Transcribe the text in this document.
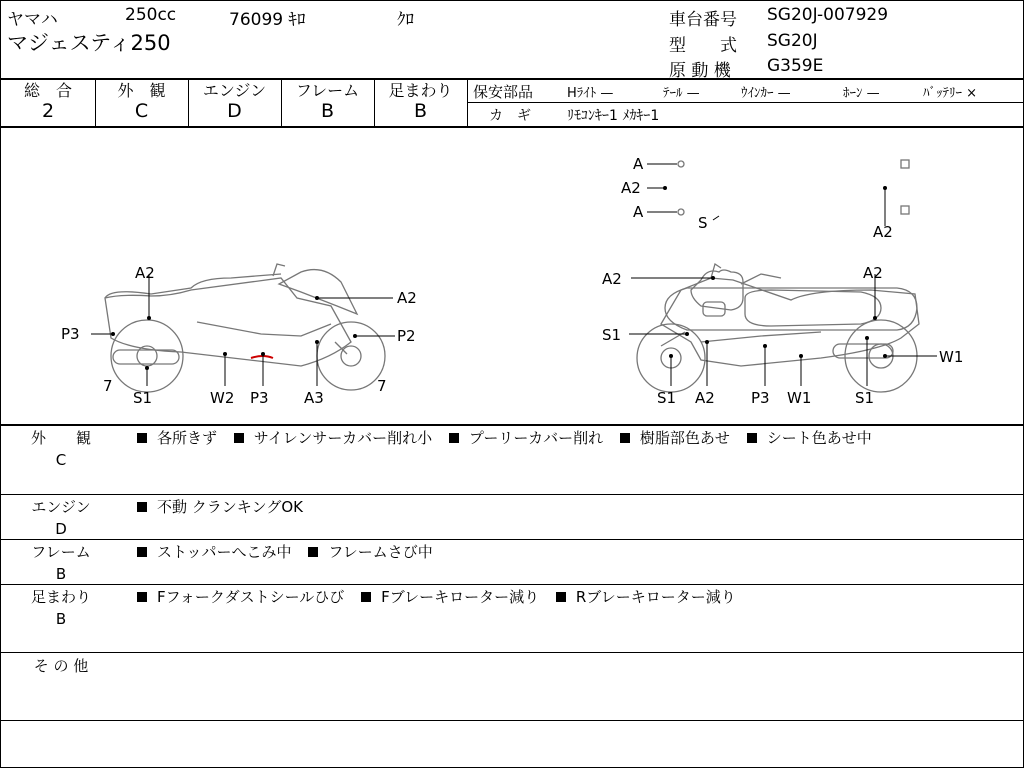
ヤマハ	250cc	76099 ｷﾛ	ｸﾛ
マジェスティ250
車台番号 SG20J-007929
型　　式 SG20J
原 動 機 G359E
総　合
2
外　観
C
エンジン
D
フレーム
B
足まわり
B
保安部品	Hﾗｲﾄ —	ﾃｰﾙ —	ｳｲﾝｶｰ —	ﾎｰﾝ —	ﾊﾞｯﾃﾘｰ ×
カ　ギ	ﾘﾓｺﾝｷｰ1 ﾒｶｷｰ1
A
A2
A
S	A2
A2
A2
P3	P2
7	7
S1	W2 P3 A3
A2	A2
S1
W1
S1 A2 P3 W1	S1
外　　観
C
各所きず サイレンサーカバー削れ小 プーリーカバー削れ 樹脂部色あせ シート色あせ中
エンジン
D
不動 クランキングOK
フレーム
B
ストッパーへこみ中 フレームさび中
足まわり
B
Fフォークダストシールひび Fブレーキローター減り Rブレーキローター減り
そ の 他
